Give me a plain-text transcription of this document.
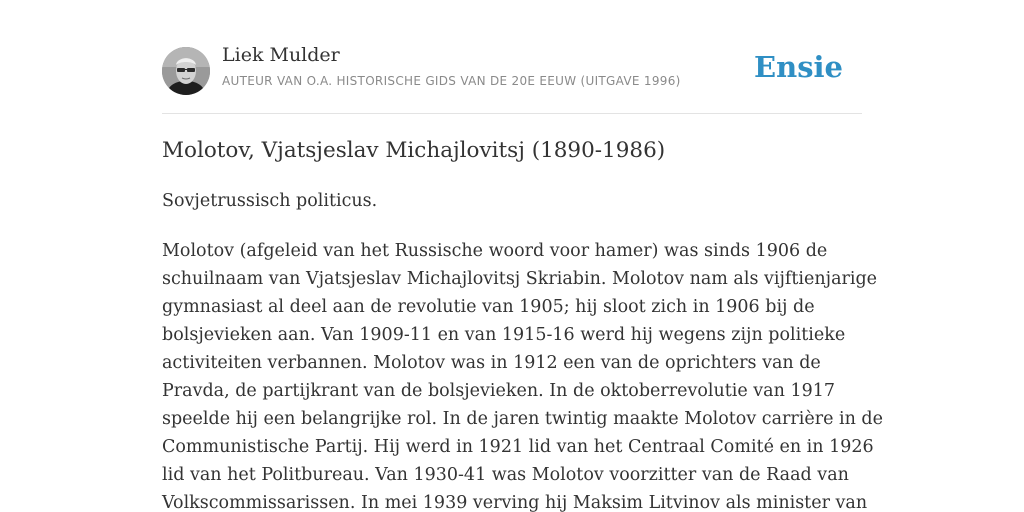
Liek Mulder
AUTEUR VAN O.A. HISTORISCHE GIDS VAN DE 20E EEUW (UITGAVE 1996)	Ensie
Molotov, Vjatsjeslav Michajlovitsj (1890-1986)

Sovjetrussisch politicus.

Molotov (afgeleid van het Russische woord voor hamer) was sinds 1906 de
schuilnaam van Vjatsjeslav Michajlovitsj Skriabin. Molotov nam als vijftienjarige
gymnasiast al deel aan de revolutie van 1905; hij sloot zich in 1906 bij de
bolsjevieken aan. Van 1909-11 en van 1915-16 werd hij wegens zijn politieke
activiteiten verbannen. Molotov was in 1912 een van de oprichters van de
Pravda, de partijkrant van de bolsjevieken. In de oktoberrevolutie van 1917
speelde hij een belangrijke rol. In de jaren twintig maakte Molotov carrière in de
Communistische Partij. Hij werd in 1921 lid van het Centraal Comité en in 1926
lid van het Politbureau. Van 1930-41 was Molotov voorzitter van de Raad van
Volkscommissarissen. In mei 1939 verving hij Maksim Litvinov als minister van
